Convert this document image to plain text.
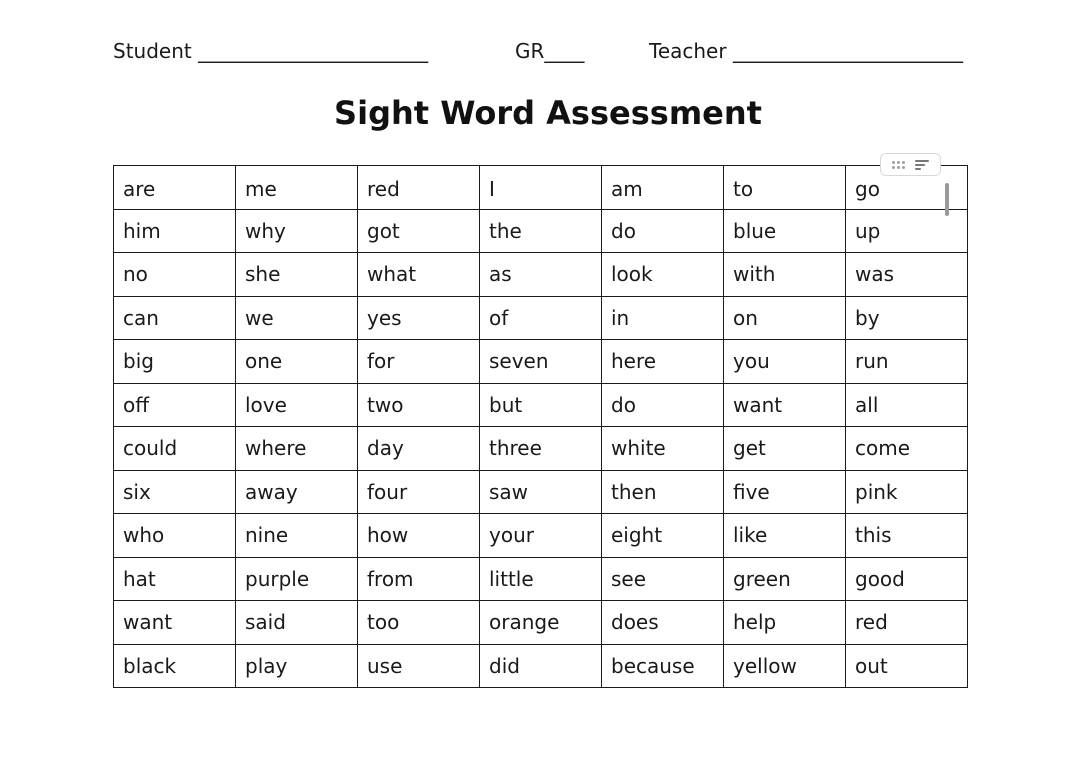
Student _______________________	GR____	Teacher _______________________
Sight Word Assessment
are	me	red	I	am	to	go
him	why	got	the	do	blue	up
no	she	what	as	look	with	was
can	we	yes	of	in	on	by
big	one	for	seven	here	you	run
off	love	two	but	do	want	all
could	where	day	three	white	get	come
six	away	four	saw	then	five	pink
who	nine	how	your	eight	like	this
hat	purple	from	little	see	green	good
want	said	too	orange	does	help	red
black	play	use	did	because	yellow	out
